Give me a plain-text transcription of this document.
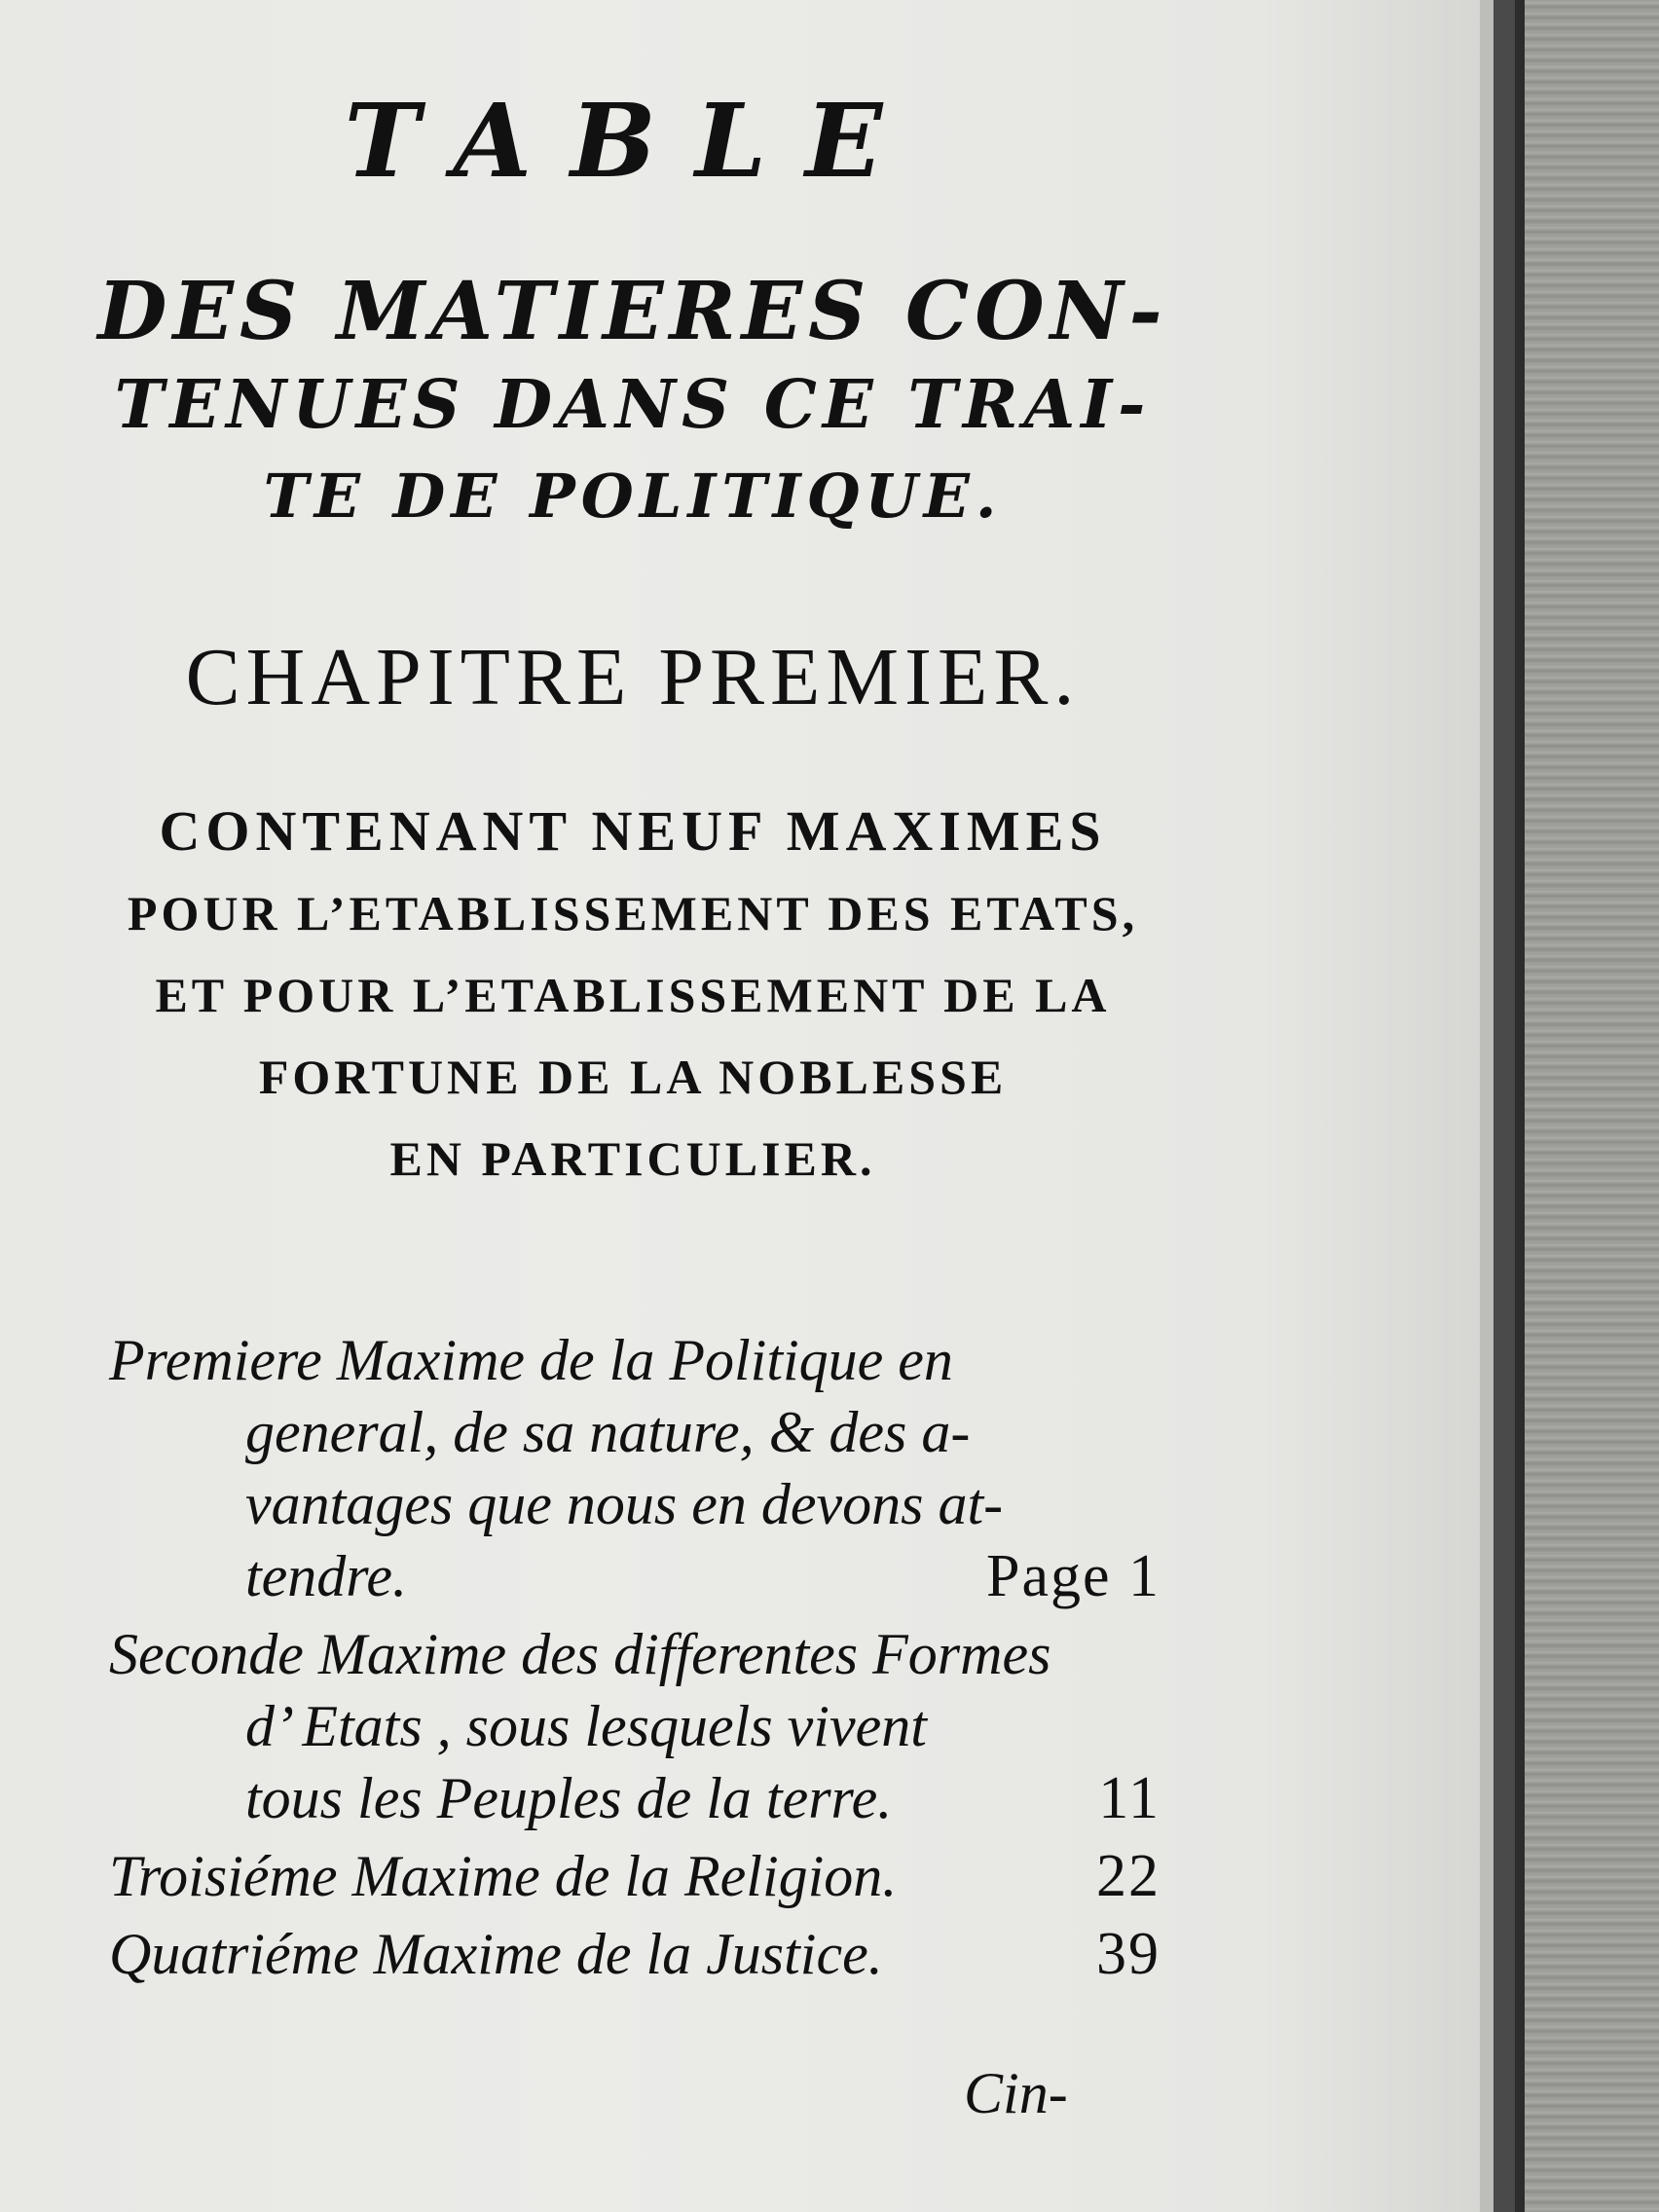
TABLE
DES MATIERES CON-
TENUES DANS CE TRAI-
TE DE POLITIQUE.
CHAPITRE PREMIER.
CONTENANT NEUF MAXIMES
POUR L’ETABLISSEMENT DES ETATS,
ET POUR L’ETABLISSEMENT DE LA
FORTUNE DE LA NOBLESSE
EN PARTICULIER.
Premiere Maxime de la Politique en
general, de sa nature, & des a-
vantages que nous en devons at-
tendre.	Page 1
Seconde Maxime des differentes Formes
d’ Etats , sous lesquels vivent
tous les Peuples de la terre.	11
Troisiéme Maxime de la Religion.	22
Quatriéme Maxime de la Justice.	39
Cin-
